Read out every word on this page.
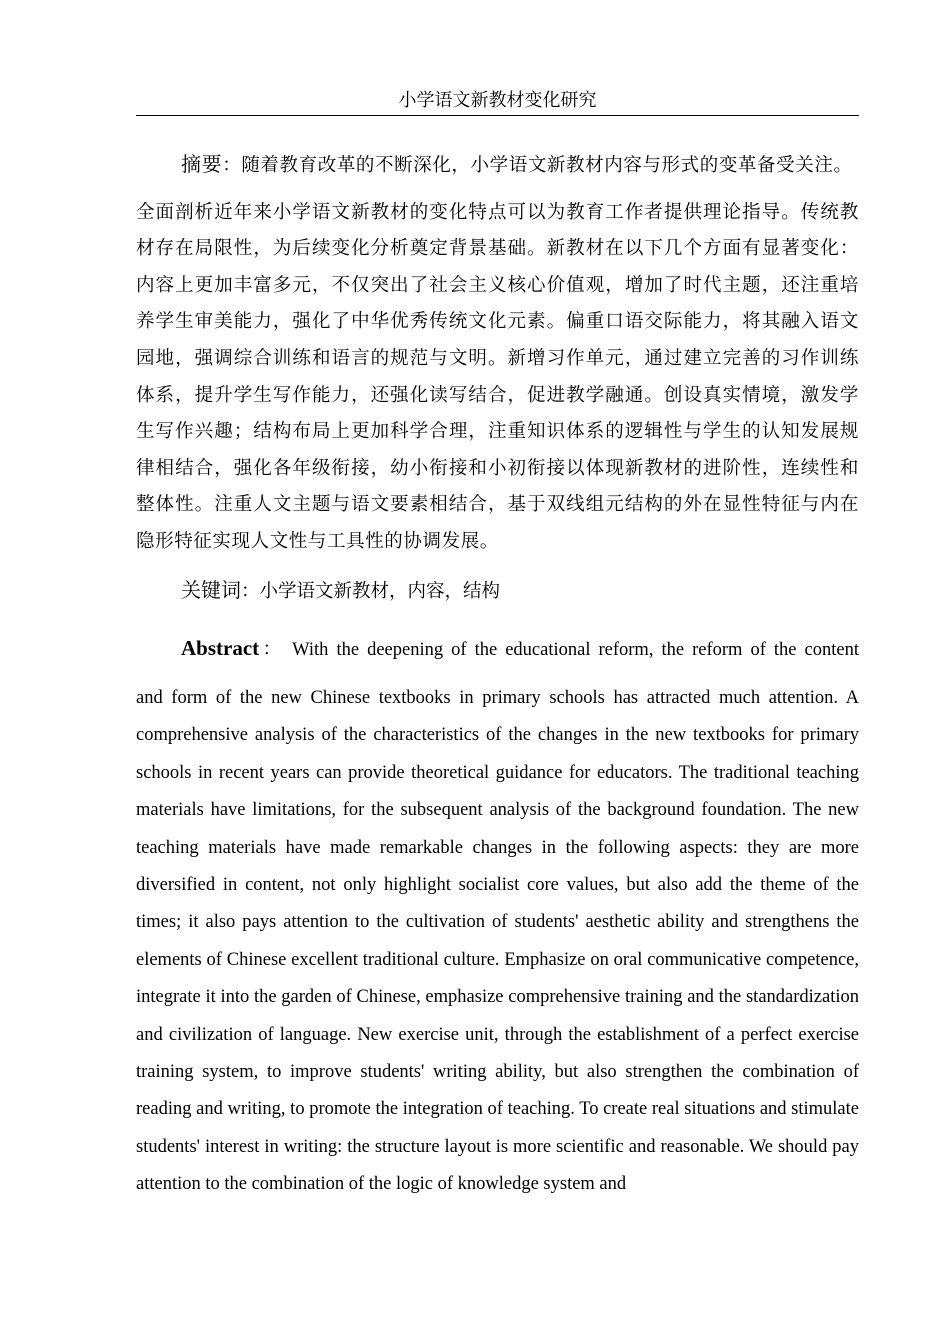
小学语文新教材变化研究
摘要：随着教育改革的不断深化，小学语文新教材内容与形式的变革备受关注。
全面剖析近年来小学语文新教材的变化特点可以为教育工作者提供理论指导。传统教材存在局限性，为后续变化分析奠定背景基础。新教材在以下几个方面有显著变化：内容上更加丰富多元，不仅突出了社会主义核心价值观，增加了时代主题，还注重培养学生审美能力，强化了中华优秀传统文化元素。偏重口语交际能力，将其融入语文园地，强调综合训练和语言的规范与文明。新增习作单元，通过建立完善的习作训练体系，提升学生写作能力，还强化读写结合，促进教学融通。创设真实情境，激发学生写作兴趣；结构布局上更加科学合理，注重知识体系的逻辑性与学生的认知发展规律相结合，强化各年级衔接，幼小衔接和小初衔接以体现新教材的进阶性，连续性和整体性。注重人文主题与语文要素相结合，基于双线组元结构的外在显性特征与内在隐形特征实现人文性与工具性的协调发展。
关键词：小学语文新教材，内容，结构
Abstract： With the deepening of the educational reform, the reform of the content
and form of the new Chinese textbooks in primary schools has attracted much attention. A comprehensive analysis of the characteristics of the changes in the new textbooks for primary schools in recent years can provide theoretical guidance for educators. The traditional teaching materials have limitations, for the subsequent analysis of the background foundation. The new teaching materials have made remarkable changes in the following aspects: they are more diversified in content, not only highlight socialist core values, but also add the theme of the times; it also pays attention to the cultivation of students' aesthetic ability and strengthens the elements of Chinese excellent traditional culture. Emphasize on oral communicative competence, integrate it into the garden of Chinese, emphasize comprehensive training and the standardization and civilization of language. New exercise unit, through the establishment of a perfect exercise training system, to improve students' writing ability, but also strengthen the combination of reading and writing, to promote the integration of teaching. To create real situations and stimulate students' interest in writing: the structure layout is more scientific and reasonable. We should pay attention to the combination of the logic of knowledge system and
